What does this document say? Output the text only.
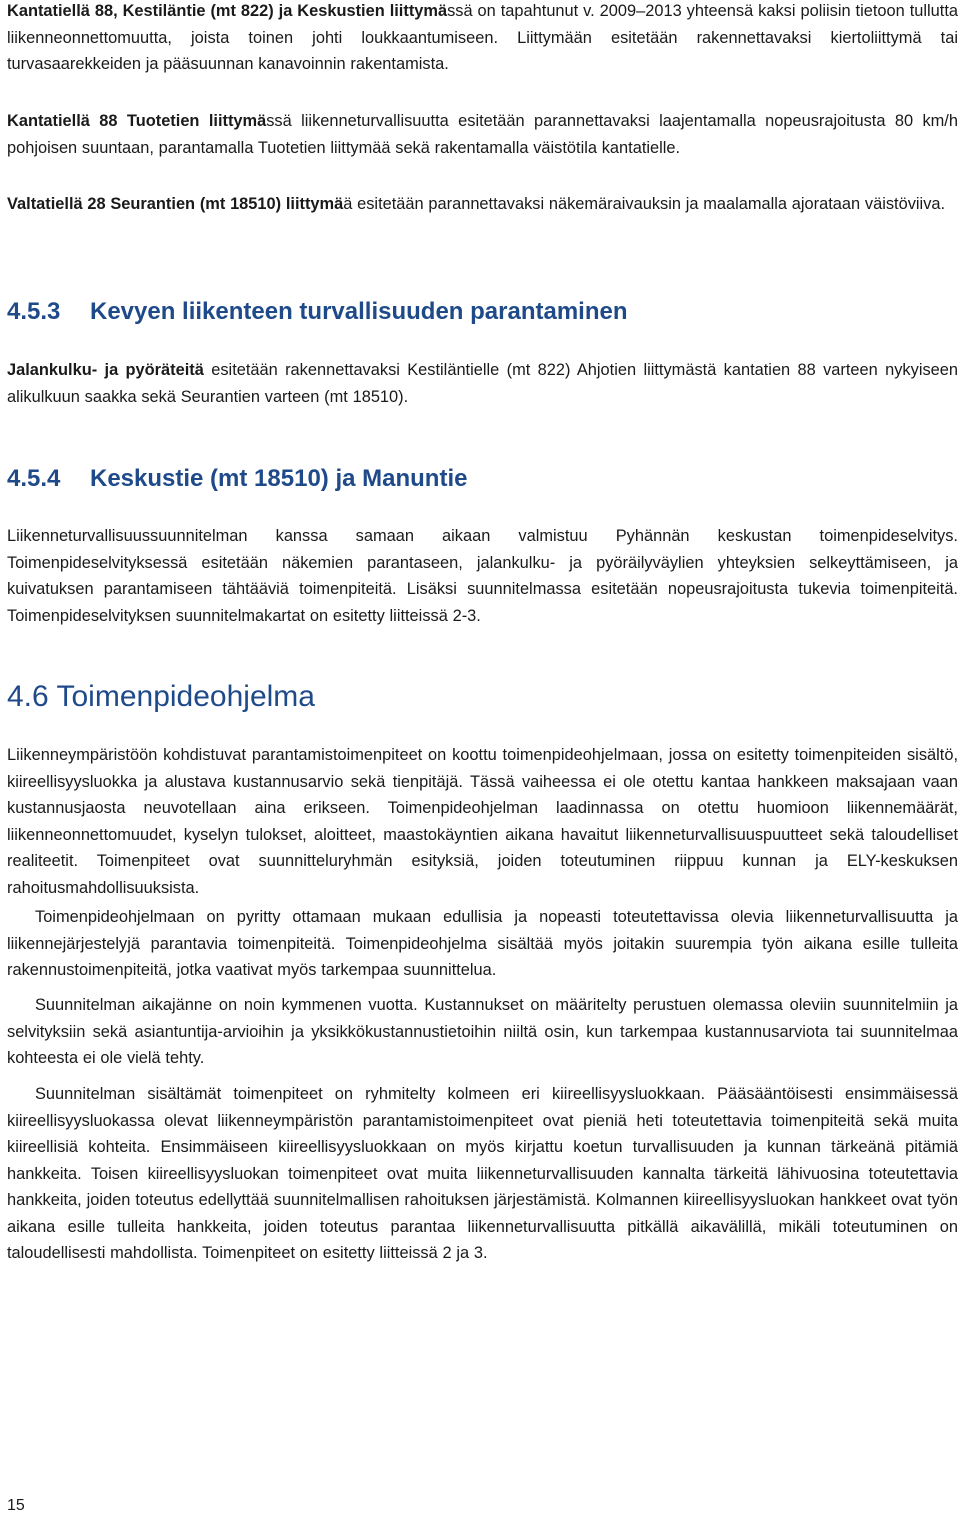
Kantatiellä 88, Kestiläntie (mt 822) ja Keskustien liittymässä on tapahtunut v. 2009–2013 yhteensä kaksi poliisin tietoon tullutta liikenneonnettomuutta, joista toinen johti loukkaantumiseen. Liittymään esitetään rakennettavaksi kiertoliittymä tai turvasaarekkeiden ja pääsuunnan kanavoinnin rakentamista.

Kantatiellä 88 Tuotetien liittymässä liikenneturvallisuutta esitetään parannettavaksi laajentamalla nopeusrajoitusta 80 km/h pohjoisen suuntaan, parantamalla Tuotetien liittymää sekä rakentamalla väistötila kantatielle.

Valtatiellä 28 Seurantien (mt 18510) liittymää esitetään parannettavaksi näkemäraivauksin ja maalamalla ajorataan väistöviiva.

4.5.3 Kevyen liikenteen turvallisuuden parantaminen

Jalankulku- ja pyöräteitä esitetään rakennettavaksi Kestiläntielle (mt 822) Ahjotien liittymästä kantatien 88 varteen nykyiseen alikulkuun saakka sekä Seurantien varteen (mt 18510).

4.5.4 Keskustie (mt 18510) ja Manuntie

Liikenneturvallisuussuunnitelman kanssa samaan aikaan valmistuu Pyhännän keskustan toimenpideselvitys. Toimenpideselvityksessä esitetään näkemien parantaseen, jalankulku- ja pyöräilyväylien yhteyksien selkeyttämiseen, ja kuivatuksen parantamiseen tähtääviä toimenpiteitä. Lisäksi suunnitelmassa esitetään nopeusrajoitusta tukevia toimenpiteitä. Toimenpideselvityksen suunnitelmakartat on esitetty liitteissä 2-3.

4.6 Toimenpideohjelma

Liikenneympäristöön kohdistuvat parantamistoimenpiteet on koottu toimenpideohjelmaan, jossa on esitetty toimenpiteiden sisältö, kiireellisyysluokka ja alustava kustannusarvio sekä tienpitäjä. Tässä vaiheessa ei ole otettu kantaa hankkeen maksajaan vaan kustannusjaosta neuvotellaan aina erikseen. Toimenpideohjelman laadinnassa on otettu huomioon liikennemäärät, liikenneonnettomuudet, kyselyn tulokset, aloitteet, maastokäyntien aikana havaitut liikenneturvallisuuspuutteet sekä taloudelliset realiteetit. Toimenpiteet ovat suunnitteluryhmän esityksiä, joiden toteutuminen riippuu kunnan ja ELY-keskuksen rahoitusmahdollisuuksista.

Toimenpideohjelmaan on pyritty ottamaan mukaan edullisia ja nopeasti toteutettavissa olevia liikenneturvallisuutta ja liikennejärjestelyjä parantavia toimenpiteitä. Toimenpideohjelma sisältää myös joitakin suurempia työn aikana esille tulleita rakennustoimenpiteitä, jotka vaativat myös tarkempaa suunnittelua.

Suunnitelman aikajänne on noin kymmenen vuotta. Kustannukset on määritelty perustuen olemassa oleviin suunnitelmiin ja selvityksiin sekä asiantuntija-arvioihin ja yksikkökustannustietoihin niiltä osin, kun tarkempaa kustannusarviota tai suunnitelmaa kohteesta ei ole vielä tehty.

Suunnitelman sisältämät toimenpiteet on ryhmitelty kolmeen eri kiireellisyysluokkaan. Pääsääntöisesti ensimmäisessä kiireellisyysluokassa olevat liikenneympäristön parantamistoimenpiteet ovat pieniä heti toteutettavia toimenpiteitä sekä muita kiireellisiä kohteita. Ensimmäiseen kiireellisyysluokkaan on myös kirjattu koetun turvallisuuden ja kunnan tärkeänä pitämiä hankkeita. Toisen kiireellisyysluokan toimenpiteet ovat muita liikenneturvallisuuden kannalta tärkeitä lähivuosina toteutettavia hankkeita, joiden toteutus edellyttää suunnitelmallisen rahoituksen järjestämistä. Kolmannen kiireellisyysluokan hankkeet ovat työn aikana esille tulleita hankkeita, joiden toteutus parantaa liikenneturvallisuutta pitkällä aikavälillä, mikäli toteutuminen on taloudellisesti mahdollista. Toimenpiteet on esitetty liitteissä 2 ja 3.

15
